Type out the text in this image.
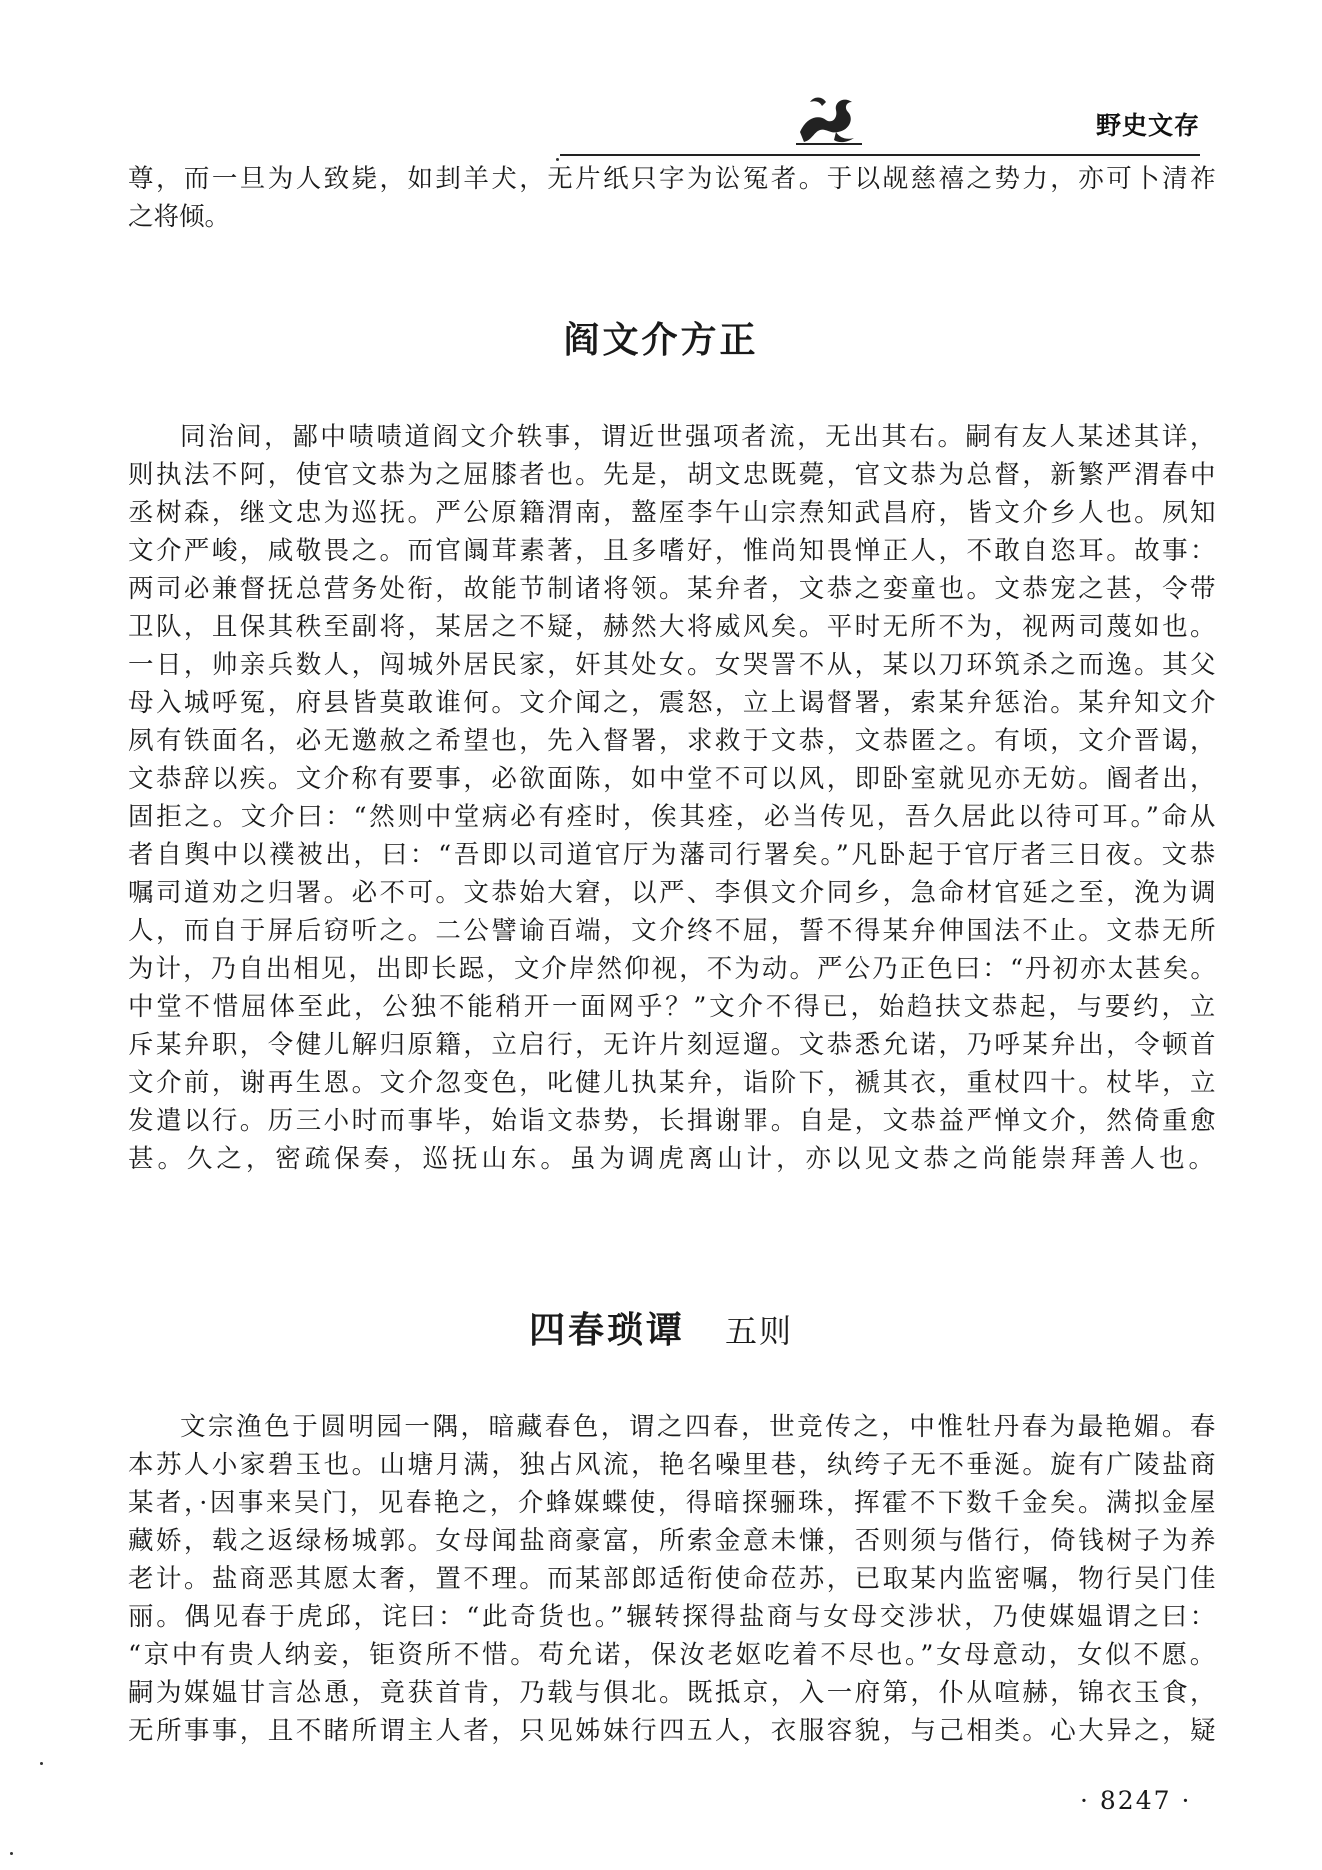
野史文存

尊，而一旦为人致毙，如刲羊犬，无片纸只字为讼冤者。于以觇慈禧之势力，亦可卜清祚
之将倾。

阎文介方正

同治间，鄙中啧啧道阎文介轶事，谓近世强项者流，无出其右。嗣有友人某述其详，
则执法不阿，使官文恭为之屈膝者也。先是，胡文忠既薨，官文恭为总督，新繁严渭春中
丞树森，继文忠为巡抚。严公原籍渭南，盩厔李午山宗焘知武昌府，皆文介乡人也。夙知
文介严峻，咸敬畏之。而官阘茸素著，且多嗜好，惟尚知畏惮正人，不敢自恣耳。故事：
两司必兼督抚总营务处衔，故能节制诸将领。某弁者，文恭之娈童也。文恭宠之甚，令带
卫队，且保其秩至副将，某居之不疑，赫然大将威风矣。平时无所不为，视两司蔑如也。
一日，帅亲兵数人，闯城外居民家，奸其处女。女哭詈不从，某以刀环筑杀之而逸。其父
母入城呼冤，府县皆莫敢谁何。文介闻之，震怒，立上谒督署，索某弁惩治。某弁知文介
夙有铁面名，必无邀赦之希望也，先入督署，求救于文恭，文恭匿之。有顷，文介晋谒，
文恭辞以疾。文介称有要事，必欲面陈，如中堂不可以风，即卧室就见亦无妨。阍者出，
固拒之。文介曰：“然则中堂病必有痊时，俟其痊，必当传见，吾久居此以待可耳。”命从
者自舆中以襆被出，曰：“吾即以司道官厅为藩司行署矣。”凡卧起于官厅者三日夜。文恭
嘱司道劝之归署。必不可。文恭始大窘，以严、李俱文介同乡，急命材官延之至，浼为调
人，而自于屏后窃听之。二公譬谕百端，文介终不屈，誓不得某弁伸国法不止。文恭无所
为计，乃自出相见，出即长跽，文介岸然仰视，不为动。严公乃正色曰：“丹初亦太甚矣。
中堂不惜屈体至此，公独不能稍开一面网乎？”文介不得已，始趋扶文恭起，与要约，立
斥某弁职，令健儿解归原籍，立启行，无许片刻逗遛。文恭悉允诺，乃呼某弁出，令顿首
文介前，谢再生恩。文介忽变色，叱健儿执某弁，诣阶下，褫其衣，重杖四十。杖毕，立
发遣以行。历三小时而事毕，始诣文恭势，长揖谢罪。自是，文恭益严惮文介，然倚重愈
甚。久之，密疏保奏，巡抚山东。虽为调虎离山计，亦以见文恭之尚能崇拜善人也。

四春琐谭 五则

文宗渔色于圆明园一隅，暗藏春色，谓之四春，世竞传之，中惟牡丹春为最艳媚。春
本苏人小家碧玉也。山塘月满，独占风流，艳名噪里巷，纨绔子无不垂涎。旋有广陵盐商
某者，·因事来吴门，见春艳之，介蜂媒蝶使，得暗探骊珠，挥霍不下数千金矣。满拟金屋
藏娇，载之返绿杨城郭。女母闻盐商豪富，所索金意未慊，否则须与偕行，倚钱树子为养
老计。盐商恶其愿太奢，置不理。而某部郎适衔使命莅苏，已取某内监密嘱，物行吴门佳
丽。偶见春于虎邱，诧曰：“此奇货也。”辗转探得盐商与女母交涉状，乃使媒媪谓之曰：
“京中有贵人纳妾，钜资所不惜。苟允诺，保汝老妪吃着不尽也。”女母意动，女似不愿。
嗣为媒媪甘言怂恿，竟获首肯，乃载与俱北。既抵京，入一府第，仆从喧赫，锦衣玉食，
无所事事，且不睹所谓主人者，只见姊妹行四五人，衣服容貌，与己相类。心大异之，疑

· 8247 ·
